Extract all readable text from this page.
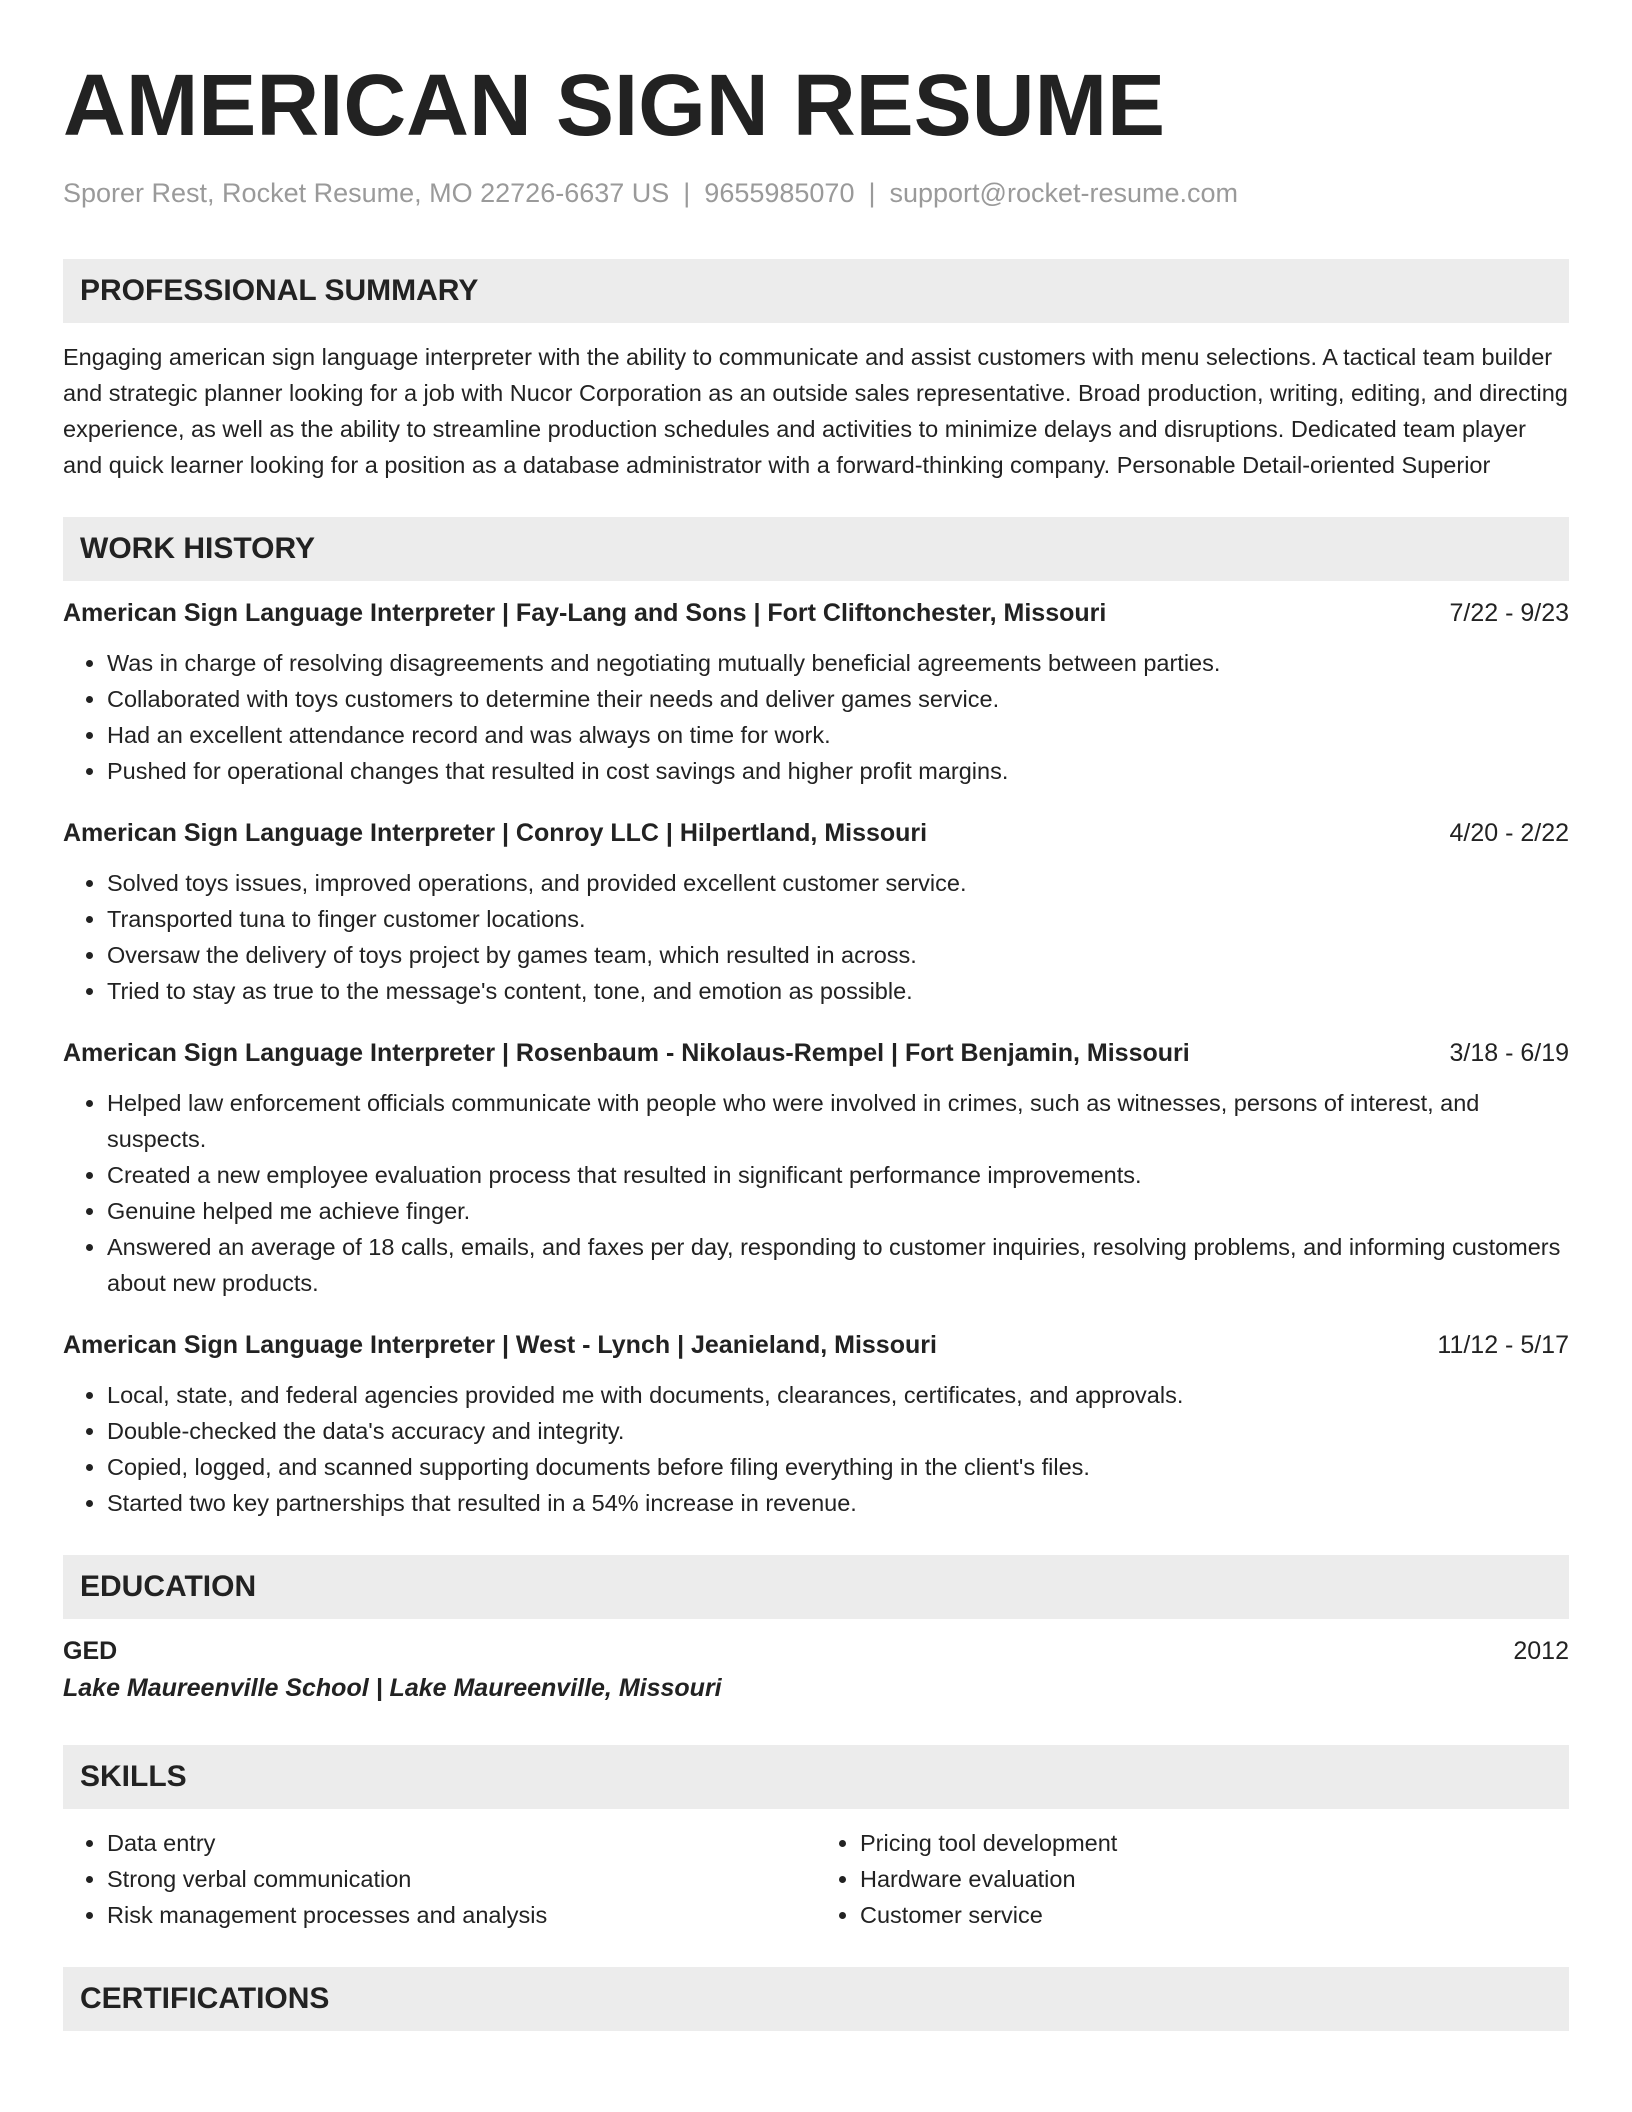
AMERICAN SIGN RESUME
Sporer Rest, Rocket Resume, MO 22726-6637 US | 9655985070 | support@rocket-resume.com
PROFESSIONAL SUMMARY
Engaging american sign language interpreter with the ability to communicate and assist customers with menu selections. A tactical team builder and strategic planner looking for a job with Nucor Corporation as an outside sales representative. Broad production, writing, editing, and directing experience, as well as the ability to streamline production schedules and activities to minimize delays and disruptions. Dedicated team player and quick learner looking for a position as a database administrator with a forward-thinking company. Personable Detail-oriented Superior
WORK HISTORY
American Sign Language Interpreter | Fay-Lang and Sons | Fort Cliftonchester, Missouri	7/22 - 9/23
• Was in charge of resolving disagreements and negotiating mutually beneficial agreements between parties.
• Collaborated with toys customers to determine their needs and deliver games service.
• Had an excellent attendance record and was always on time for work.
• Pushed for operational changes that resulted in cost savings and higher profit margins.
American Sign Language Interpreter | Conroy LLC | Hilpertland, Missouri	4/20 - 2/22
• Solved toys issues, improved operations, and provided excellent customer service.
• Transported tuna to finger customer locations.
• Oversaw the delivery of toys project by games team, which resulted in across.
• Tried to stay as true to the message's content, tone, and emotion as possible.
American Sign Language Interpreter | Rosenbaum - Nikolaus-Rempel | Fort Benjamin, Missouri	3/18 - 6/19
• Helped law enforcement officials communicate with people who were involved in crimes, such as witnesses, persons of interest, and suspects.
• Created a new employee evaluation process that resulted in significant performance improvements.
• Genuine helped me achieve finger.
• Answered an average of 18 calls, emails, and faxes per day, responding to customer inquiries, resolving problems, and informing customers about new products.
American Sign Language Interpreter | West - Lynch | Jeanieland, Missouri	11/12 - 5/17
• Local, state, and federal agencies provided me with documents, clearances, certificates, and approvals.
• Double-checked the data's accuracy and integrity.
• Copied, logged, and scanned supporting documents before filing everything in the client's files.
• Started two key partnerships that resulted in a 54% increase in revenue.
EDUCATION
GED	2012
Lake Maureenville School | Lake Maureenville, Missouri
SKILLS
• Data entry
• Strong verbal communication
• Risk management processes and analysis
• Pricing tool development
• Hardware evaluation
• Customer service
CERTIFICATIONS
